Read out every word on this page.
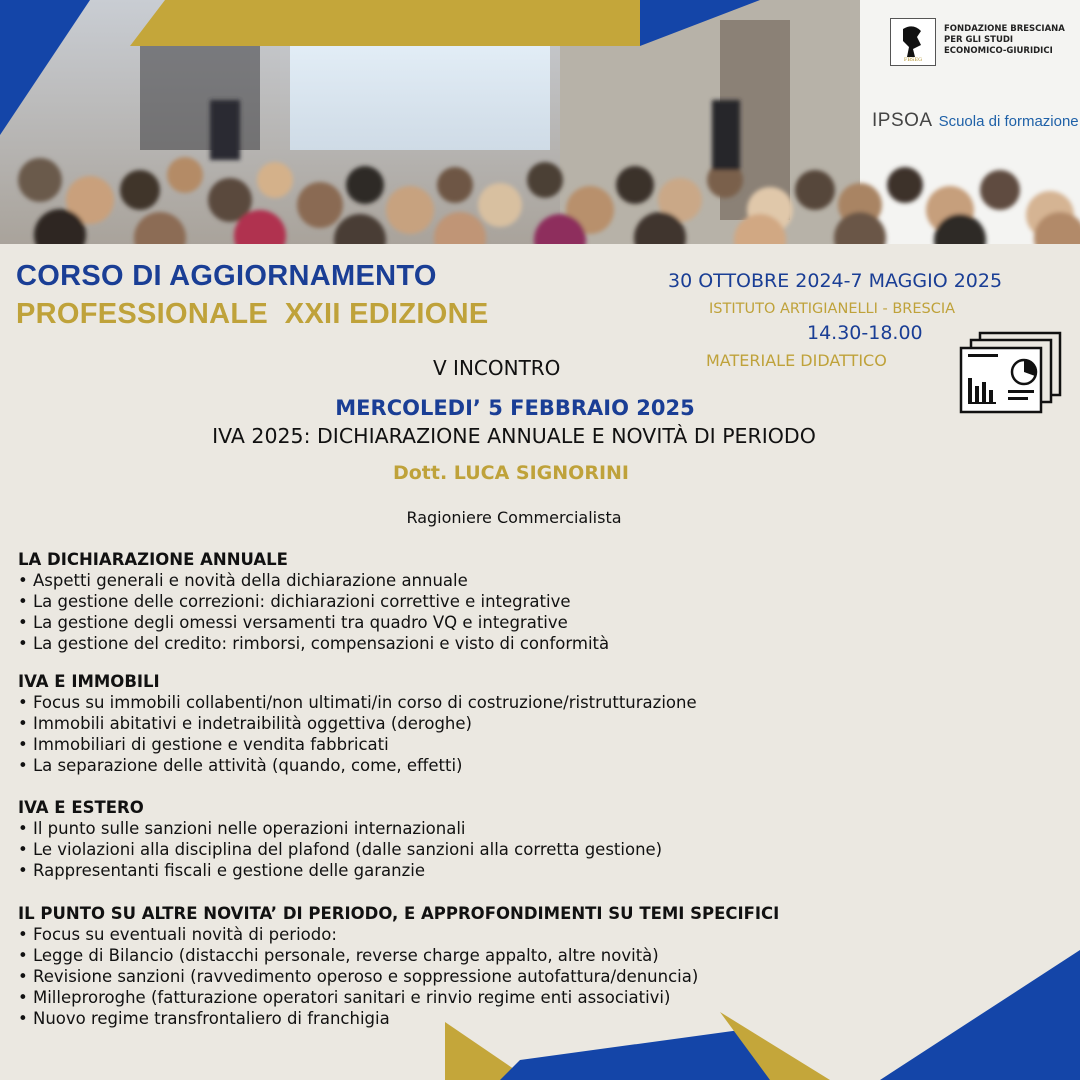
FBSEG
FONDAZIONE BRESCIANA
PER GLI STUDI
ECONOMICO-GIURIDICI
IPSOA Scuola di formazione
CORSO DI AGGIORNAMENTO
PROFESSIONALE  XXII EDIZIONE
30 OTTOBRE 2024-7 MAGGIO 2025
ISTITUTO ARTIGIANELLI - BRESCIA
14.30-18.00
MATERIALE DIDATTICO
V INCONTRO
MERCOLEDI’ 5 FEBBRAIO 2025
IVA 2025: DICHIARAZIONE ANNUALE E NOVITÀ DI PERIODO
Dott. LUCA SIGNORINI
Ragioniere Commercialista
LA DICHIARAZIONE ANNUALE
• Aspetti generali e novità della dichiarazione annuale
• La gestione delle correzioni: dichiarazioni correttive e integrative
• La gestione degli omessi versamenti tra quadro VQ e integrative
• La gestione del credito: rimborsi, compensazioni e visto di conformità
IVA E IMMOBILI
• Focus su immobili collabenti/non ultimati/in corso di costruzione/ristrutturazione
• Immobili abitativi e indetraibilità oggettiva (deroghe)
• Immobiliari di gestione e vendita fabbricati
• La separazione delle attività (quando, come, effetti)
IVA E ESTERO
• Il punto sulle sanzioni nelle operazioni internazionali
• Le violazioni alla disciplina del plafond (dalle sanzioni alla corretta gestione)
• Rappresentanti fiscali e gestione delle garanzie
IL PUNTO SU ALTRE NOVITA’ DI PERIODO, E APPROFONDIMENTI SU TEMI SPECIFICI
• Focus su eventuali novità di periodo:
• Legge di Bilancio (distacchi personale, reverse charge appalto, altre novità)
• Revisione sanzioni (ravvedimento operoso e soppressione autofattura/denuncia)
• Milleproroghe (fatturazione operatori sanitari e rinvio regime enti associativi)
• Nuovo regime transfrontaliero di franchigia
